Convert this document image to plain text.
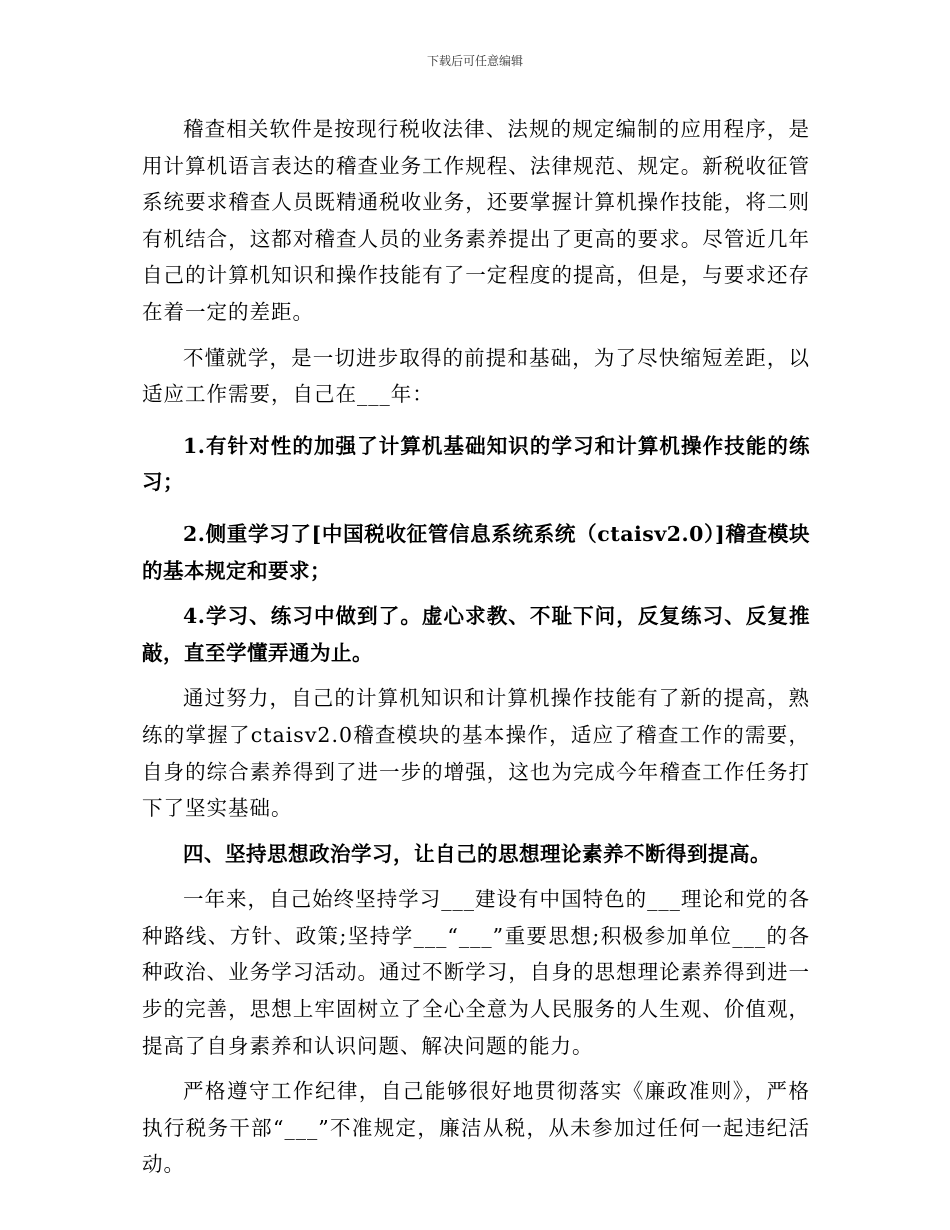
下载后可任意编辑

稽查相关软件是按现行税收法律、法规的规定编制的应用程序，是用计算机语言表达的稽查业务工作规程、法律规范、规定。新税收征管系统要求稽查人员既精通税收业务，还要掌握计算机操作技能，将二则有机结合，这都对稽查人员的业务素养提出了更高的要求。尽管近几年自己的计算机知识和操作技能有了一定程度的提高，但是，与要求还存在着一定的差距。

不懂就学，是一切进步取得的前提和基础，为了尽快缩短差距，以适应工作需要，自己在___年：

1.有针对性的加强了计算机基础知识的学习和计算机操作技能的练习；

2.侧重学习了[中国税收征管信息系统系统（ctaisv2.0）]稽查模块的基本规定和要求；

4.学习、练习中做到了。虚心求教、不耻下问，反复练习、反复推敲，直至学懂弄通为止。

通过努力，自己的计算机知识和计算机操作技能有了新的提高，熟练的掌握了ctaisv2.0稽查模块的基本操作，适应了稽查工作的需要，自身的综合素养得到了进一步的增强，这也为完成今年稽查工作任务打下了坚实基础。

四、坚持思想政治学习，让自己的思想理论素养不断得到提高。

一年来，自己始终坚持学习___建设有中国特色的___理论和党的各种路线、方针、政策;坚持学___“___”重要思想;积极参加单位___的各种政治、业务学习活动。通过不断学习，自身的思想理论素养得到进一步的完善，思想上牢固树立了全心全意为人民服务的人生观、价值观，提高了自身素养和认识问题、解决问题的能力。

严格遵守工作纪律，自己能够很好地贯彻落实《廉政准则》，严格执行税务干部“___”不准规定，廉洁从税，从未参加过任何一起违纪活动。
